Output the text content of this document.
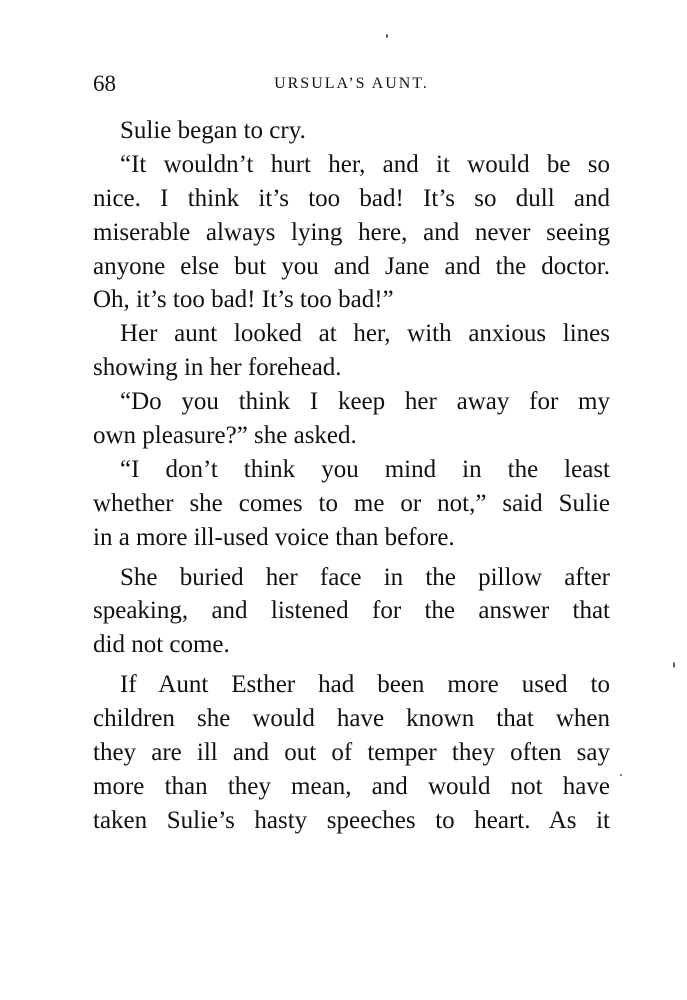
68	URSULA’S AUNT.
Sulie began to cry.
“It wouldn’t hurt her, and it would be so
nice. I think it’s too bad! It’s so dull and
miserable always lying here, and never seeing
anyone else but you and Jane and the doctor.
Oh, it’s too bad! It’s too bad!”
Her aunt looked at her, with anxious lines
showing in her forehead.
“Do you think I keep her away for my
own pleasure?” she asked.
“I don’t think you mind in the least
whether she comes to me or not,” said Sulie
in a more ill-used voice than before.
She buried her face in the pillow after
speaking, and listened for the answer that
did not come.
If Aunt Esther had been more used to
children she would have known that when
they are ill and out of temper they often say
more than they mean, and would not have
taken Sulie’s hasty speeches to heart. As it
